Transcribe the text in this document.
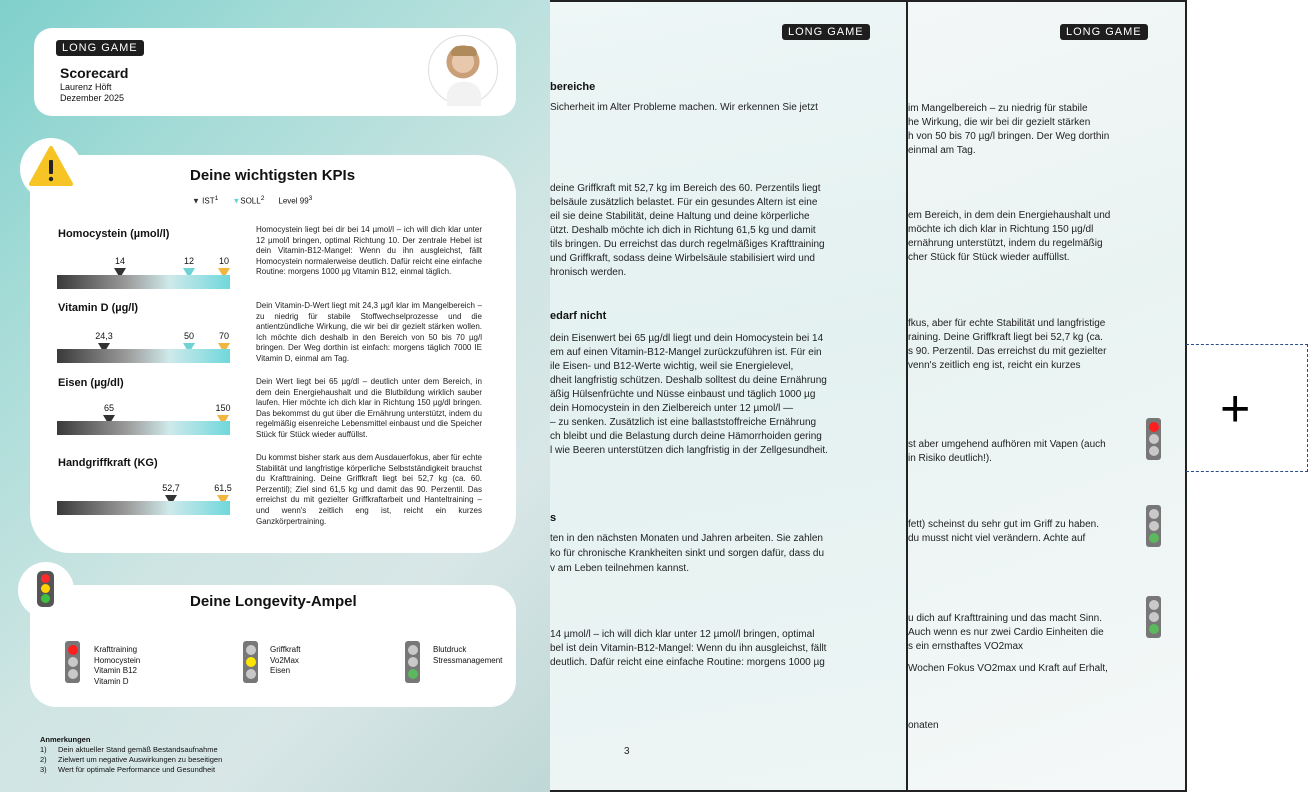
LONG GAME
im Mangelbereich – zu niedrig für stabile
he Wirkung, die wir bei dir gezielt stärken
h von 50 bis 70 µg/l bringen. Der Weg dorthin
einmal am Tag.
em Bereich, in dem dein Energiehaushalt und
möchte ich dich klar in Richtung 150 µg/dl
ernährung unterstützt, indem du regelmäßig
cher Stück für Stück wieder auffüllst.
fkus, aber für echte Stabilität und langfristige
raining. Deine Griffkraft liegt bei 52,7 kg (ca.
s 90. Perzentil. Das erreichst du mit gezielter
venn's zeitlich eng ist, reicht ein kurzes
st aber umgehend aufhören mit Vapen (auch
in Risiko deutlich!).
fett) scheinst du sehr gut im Griff zu haben.
du musst nicht viel verändern. Achte auf
u dich auf Krafttraining und das macht Sinn.
Auch wenn es nur zwei Cardio Einheiten die
s ein ernsthaftes VO2max
Wochen Fokus VO2max und Kraft auf Erhalt,
onaten
LONG GAME
bereiche
Sicherheit im Alter Probleme machen. Wir erkennen Sie jetzt
deine Griffkraft mit 52,7 kg im Bereich des 60. Perzentils liegt
belsäule zusätzlich belastet. Für ein gesundes Altern ist eine
eil sie deine Stabilität, deine Haltung und deine körperliche
ützt. Deshalb möchte ich dich in Richtung 61,5 kg und damit
tils bringen. Du erreichst das durch regelmäßiges Krafttraining
und Griffkraft, sodass deine Wirbelsäule stabilisiert wird und
hronisch werden.
edarf nicht
dein Eisenwert bei 65 µg/dl liegt und dein Homocystein bei 14
em auf einen Vitamin-B12-Mangel zurückzuführen ist. Für ein
ile Eisen- und B12-Werte wichtig, weil sie Energielevel,
dheit langfristig schützen. Deshalb solltest du deine Ernährung
äßig Hülsenfrüchte und Nüsse einbaust und täglich 1000 µg
dein Homocystein in den Zielbereich unter 12 µmol/l —
– zu senken. Zusätzlich ist eine ballaststoffreiche Ernährung
ch bleibt und die Belastung durch deine Hämorrhoiden gering
l wie Beeren unterstützen dich langfristig in der Zellgesundheit.
s
ten in den nächsten Monaten und Jahren arbeiten. Sie zahlen
ko für chronische Krankheiten sinkt und sorgen dafür, dass du
v am Leben teilnehmen kannst.
14 µmol/l – ich will dich klar unter 12 µmol/l bringen, optimal
bel ist dein Vitamin-B12-Mangel: Wenn du ihn ausgleichst, fällt
deutlich. Dafür reicht eine einfache Routine: morgens 1000 µg
3
LONG GAME
Scorecard
Laurenz Höft
Dezember 2025
Deine wichtigsten KPIs
▼ IST$^1$ ▼SOLL$^2$ Level $99^3$
Homocystein (µmol/l)
14	12	10
Homocystein liegt bei dir bei 14 µmol/l – ich will dich klar unter 12 µmol/l bringen, optimal Richtung 10. Der zentrale Hebel ist dein Vitamin-B12-Mangel: Wenn du ihn ausgleichst, fällt Homocystein normalerweise deutlich. Dafür reicht eine einfache Routine: morgens 1000 µg Vitamin B12, einmal täglich.
Vitamin D (µg/l)
24,3	50	70
Dein Vitamin-D-Wert liegt mit 24,3 µg/l klar im Mangelbereich – zu niedrig für stabile Stoffwechselprozesse und die antientzündliche Wirkung, die wir bei dir gezielt stärken wollen. Ich möchte dich deshalb in den Bereich von 50 bis 70 µg/l bringen. Der Weg dorthin ist einfach: morgens täglich 7000 IE Vitamin D, einmal am Tag.
Eisen (µg/dl)
65	150
Dein Wert liegt bei 65 µg/dl – deutlich unter dem Bereich, in dem dein Energiehaushalt und die Blutbildung wirklich sauber laufen. Hier möchte ich dich klar in Richtung 150 µg/dl bringen. Das bekommst du gut über die Ernährung unterstützt, indem du regelmäßig eisenreiche Lebensmittel einbaust und die Speicher Stück für Stück wieder auffüllst.
Handgriffkraft (KG)
52,7	61,5
Du kommst bisher stark aus dem Ausdauerfokus, aber für echte Stabilität und langfristige körperliche Selbstständigkeit brauchst du Krafttraining. Deine Griffkraft liegt bei 52,7 kg (ca. 60. Perzentil); Ziel sind 61,5 kg und damit das 90. Perzentil. Das erreichst du mit gezielter Griffkraftarbeit und Hanteltraining – und wenn's zeitlich eng ist, reicht ein kurzes Ganzkörpertraining.
Deine Longevity-Ampel
Krafttraining
Homocystein
Vitamin B12
Vitamin D
Griffkraft
Vo2Max
Eisen
Blutdruck
Stressmanagement
Anmerkungen
1) Dein aktueller Stand gemäß Bestandsaufnahme
2) Zielwert um negative Auswirkungen zu beseitigen
3) Wert für optimale Performance und Gesundheit
+
